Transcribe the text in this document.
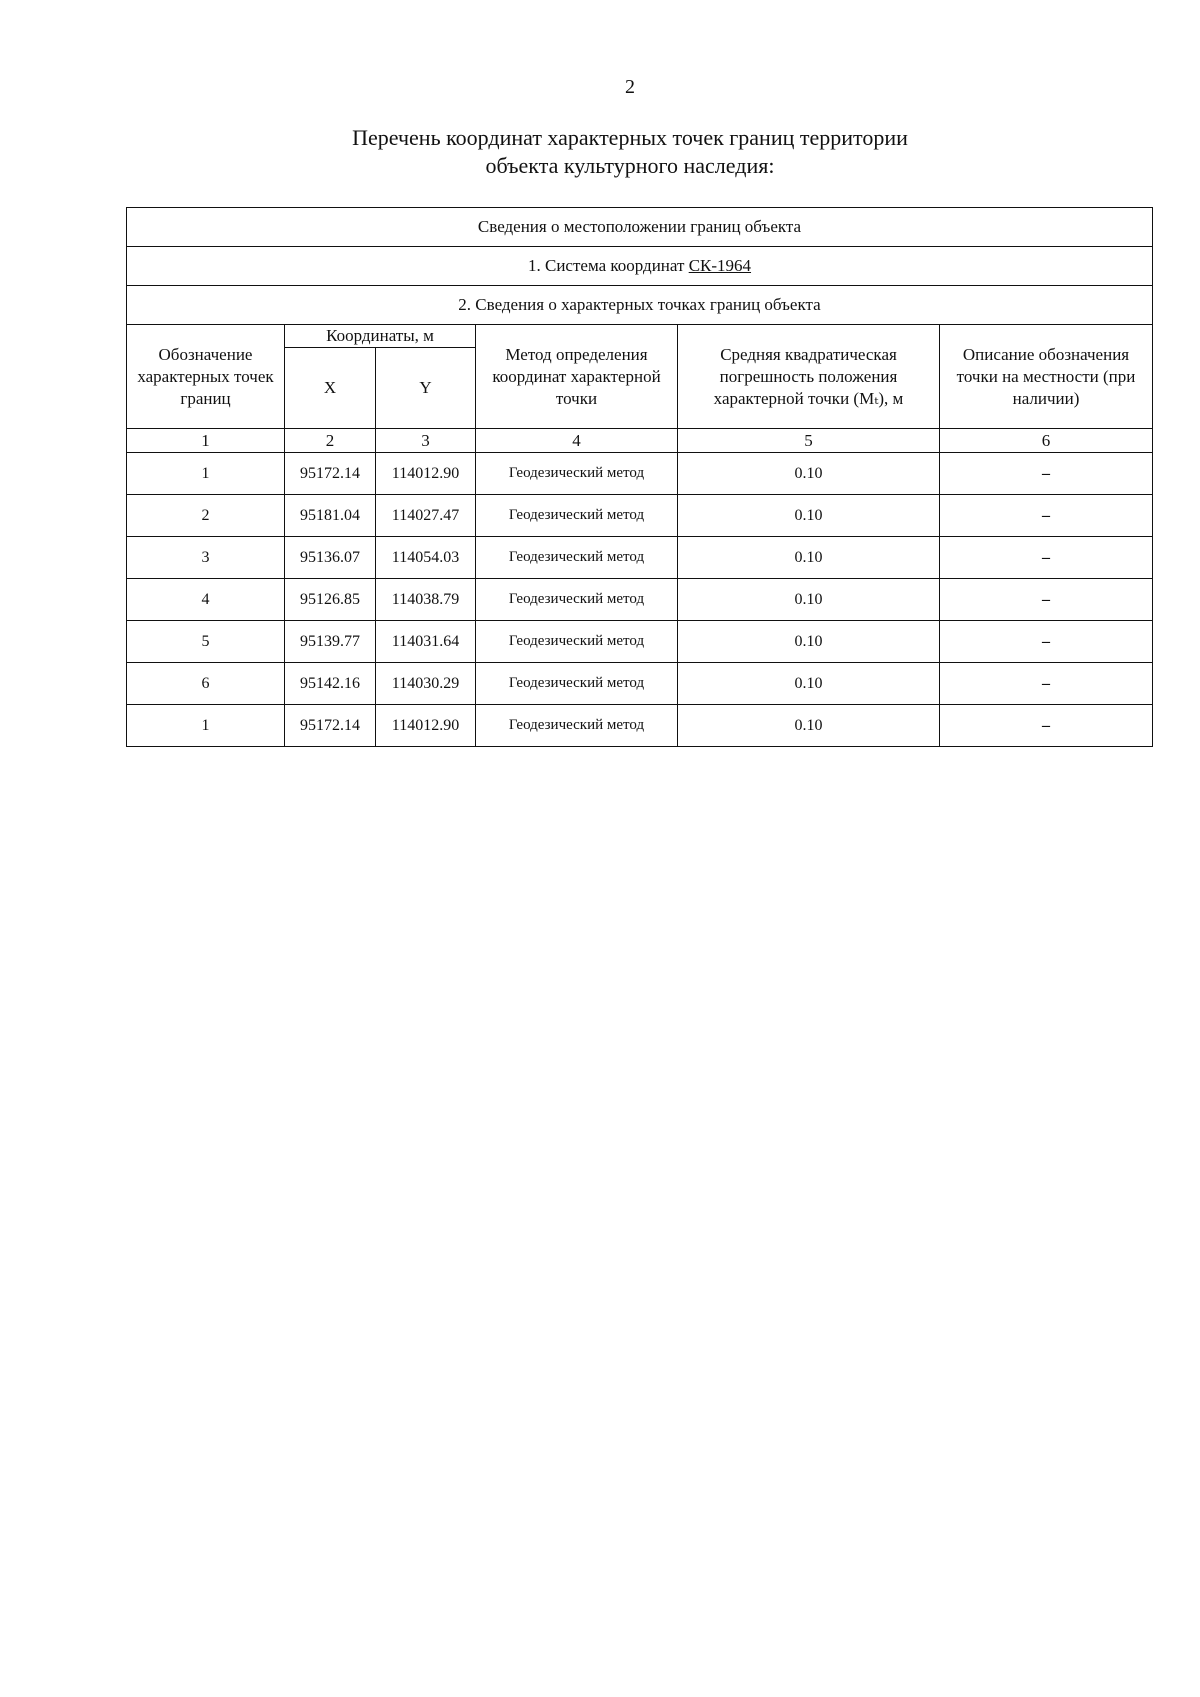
2
Перечень координат характерных точек границ территории
объекта культурного наследия:
Сведения о местоположении границ объекта					
1. Система координат СК-1964					
2. Сведения о характерных точках границ объекта					
Обозначение характерных точек границ	Координаты, м		Метод определения координат характерной точки	Средняя квадратическая погрешность положения характерной точки (Mₜ), м	Описание обозначения точки на местности (при наличии)
	X	Y			
1	2	3	4	5	6
1	95172.14	114012.90	Геодезический метод	0.10	–
2	95181.04	114027.47	Геодезический метод	0.10	–
3	95136.07	114054.03	Геодезический метод	0.10	–
4	95126.85	114038.79	Геодезический метод	0.10	–
5	95139.77	114031.64	Геодезический метод	0.10	–
6	95142.16	114030.29	Геодезический метод	0.10	–
1	95172.14	114012.90	Геодезический метод	0.10	–
